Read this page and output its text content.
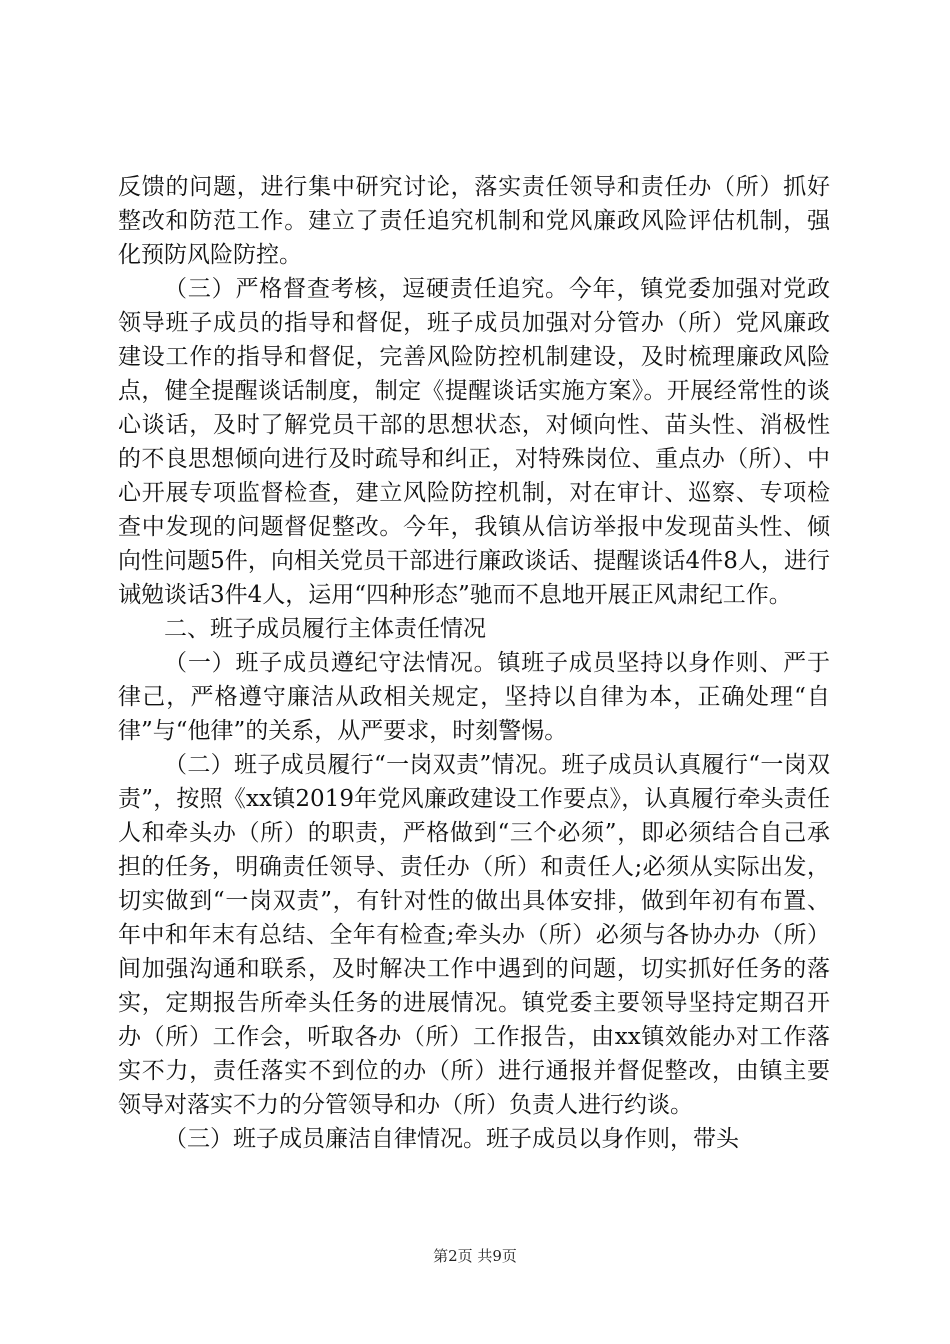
反馈的问题，进行集中研究讨论，落实责任领导和责任办（所）抓好整改和防范工作。建立了责任追究机制和党风廉政风险评估机制，强化预防风险防控。

（三）严格督查考核，逗硬责任追究。今年，镇党委加强对党政领导班子成员的指导和督促，班子成员加强对分管办（所）党风廉政建设工作的指导和督促，完善风险防控机制建设，及时梳理廉政风险点，健全提醒谈话制度，制定《提醒谈话实施方案》。开展经常性的谈心谈话，及时了解党员干部的思想状态，对倾向性、苗头性、消极性的不良思想倾向进行及时疏导和纠正，对特殊岗位、重点办（所）、中心开展专项监督检查，建立风险防控机制，对在审计、巡察、专项检查中发现的问题督促整改。今年，我镇从信访举报中发现苗头性、倾向性问题5件，向相关党员干部进行廉政谈话、提醒谈话4件8人，进行诫勉谈话3件4人，运用“四种形态”驰而不息地开展正风肃纪工作。

二、班子成员履行主体责任情况

（一）班子成员遵纪守法情况。镇班子成员坚持以身作则、严于律己，严格遵守廉洁从政相关规定，坚持以自律为本，正确处理“自律”与“他律”的关系，从严要求，时刻警惕。

（二）班子成员履行“一岗双责”情况。班子成员认真履行“一岗双责”，按照《xx镇2019年党风廉政建设工作要点》，认真履行牵头责任人和牵头办（所）的职责，严格做到“三个必须”，即必须结合自己承担的任务，明确责任领导、责任办（所）和责任人;必须从实际出发，切实做到“一岗双责”，有针对性的做出具体安排，做到年初有布置、年中和年末有总结、全年有检查;牵头办（所）必须与各协办办（所）间加强沟通和联系，及时解决工作中遇到的问题，切实抓好任务的落实，定期报告所牵头任务的进展情况。镇党委主要领导坚持定期召开办（所）工作会，听取各办（所）工作报告，由xx镇效能办对工作落实不力，责任落实不到位的办（所）进行通报并督促整改，由镇主要领导对落实不力的分管领导和办（所）负责人进行约谈。

（三）班子成员廉洁自律情况。班子成员以身作则，带头

第2页 共9页
